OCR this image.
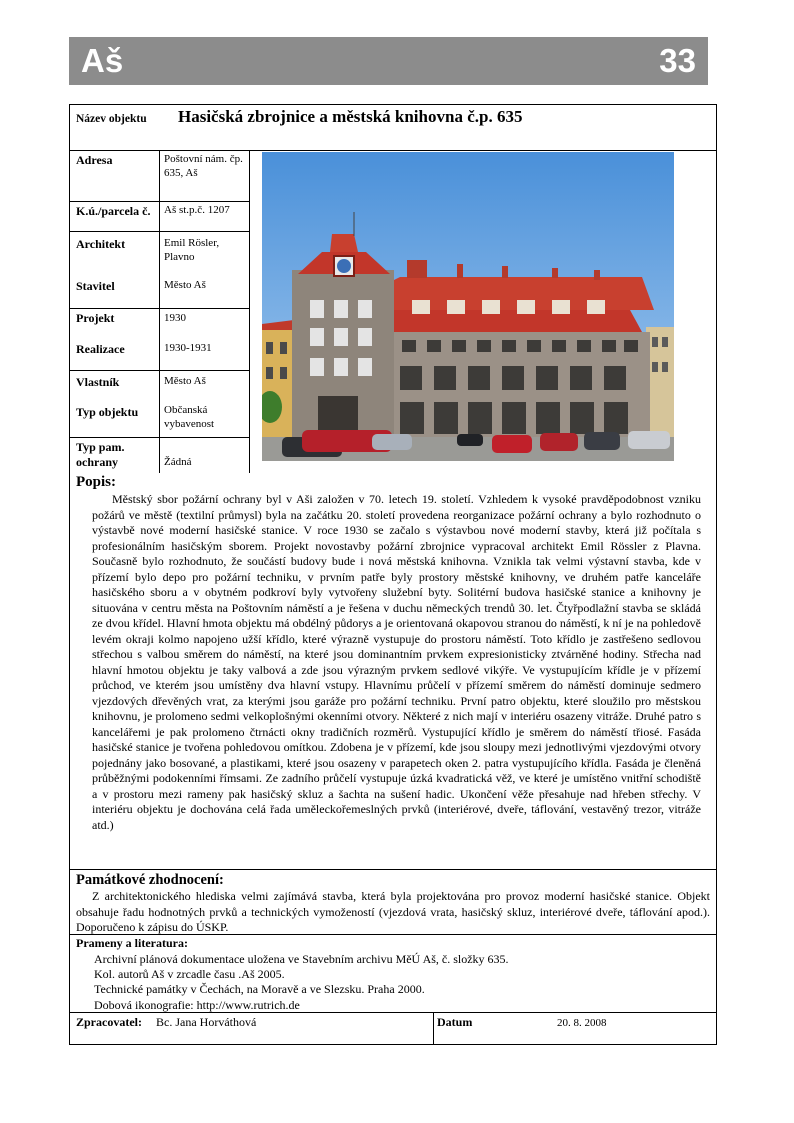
Aš	33
Název objektu Hasičská zbrojnice a městská knihovna č.p. 635
Adresa	Poštovní nám. čp. 635, Aš
K.ú./parcela č.	Aš st.p.č. 1207
Architekt	Emil Rösler, Plavno
Stavitel	Město Aš
Projekt	1930
Realizace	1930-1931
Vlastník	Město Aš
Typ objektu Občanská vybavenost
Typ pam. ochrany	Žádná
Popis:
Městský sbor požární ochrany byl v Aši založen v 70. letech 19. století. Vzhledem k vysoké pravděpodobnost vzniku požárů ve městě (textilní průmysl) byla na začátku 20. století provedena reorganizace požární ochrany a bylo rozhodnuto o výstavbě nové moderní hasičské stanice. V roce 1930 se začalo s výstavbou nové moderní stavby, která již počítala s profesionálním hasičským sborem. Projekt novostavby požární zbrojnice vypracoval architekt Emil Rössler z Plavna. Současně bylo rozhodnuto, že součástí budovy bude i nová městská knihovna. Vznikla tak velmi výstavní stavba, kde v přízemí bylo depo pro požární techniku, v prvním patře byly prostory městské knihovny, ve druhém patře kanceláře hasičského sboru a v obytném podkroví byly vytvořeny služební byty. Solitérní budova hasičské stanice a knihovny je situována v centru města na Poštovním náměstí a je řešena v duchu německých trendů 30. let. Čtyřpodlažní stavba se skládá ze dvou křídel. Hlavní hmota objektu má obdélný půdorys a je orientovaná okapovou stranou do náměstí, k ní je na pohledově levém okraji kolmo napojeno užší křídlo, které výrazně vystupuje do prostoru náměstí. Toto křídlo je zastřešeno sedlovou střechou s valbou směrem do náměstí, na které jsou dominantním prvkem expresionisticky ztvárněné hodiny. Střecha nad hlavní hmotou objektu je taky valbová a zde jsou výrazným prvkem sedlové vikýře. Ve vystupujícím křídle je v přízemí průchod, ve kterém jsou umístěny dva hlavní vstupy. Hlavnímu průčelí v přízemí směrem do náměstí dominuje sedmero vjezdových dřevěných vrat, za kterými jsou garáže pro požární techniku. První patro objektu, které sloužilo pro městskou knihovnu, je prolomeno sedmi velkoplošnými okenními otvory. Některé z nich mají v interiéru osazeny vitráže. Druhé patro s kancelářemi je pak prolomeno čtrnácti okny tradičních rozměrů. Vystupující křídlo je směrem do náměstí třiosé. Fasáda hasičské stanice je tvořena pohledovou omítkou. Zdobena je v přízemí, kde jsou sloupy mezi jednotlivými vjezdovými otvory pojednány jako bosované, a plastikami, které jsou osazeny v parapetech oken 2. patra vystupujícího křídla. Fasáda je členěná průběžnými podokenními římsami. Ze zadního průčelí vystupuje úzká kvadratická věž, ve které je umístěno vnitřní schodiště a v prostoru mezi rameny pak hasičský skluz a šachta na sušení hadic. Ukončení věže přesahuje nad hřeben střechy. V interiéru objektu je dochována celá řada uměleckořemeslných prvků (interiérové, dveře, táflování, vestavěný trezor, vitráže atd.)
Památkové zhodnocení:
Z architektonického hlediska velmi zajímává stavba, která byla projektována pro provoz moderní hasičské stanice. Objekt obsahuje řadu hodnotných prvků a technických vymožeností (vjezdová vrata, hasičský skluz, interiérové dveře, táflování apod.). Doporučeno k zápisu do ÚSKP.
Prameny a literatura:
Archivní plánová dokumentace uložena ve Stavebním archivu MěÚ Aš, č. složky 635.
Kol. autorů Aš v zrcadle času .Aš 2005.
Technické památky v Čechách, na Moravě a ve Slezsku. Praha 2000.
Dobová ikonografie: http://www.rutrich.de
Zpracovatel: Bc. Jana Horváthová	Datum	20. 8. 2008
